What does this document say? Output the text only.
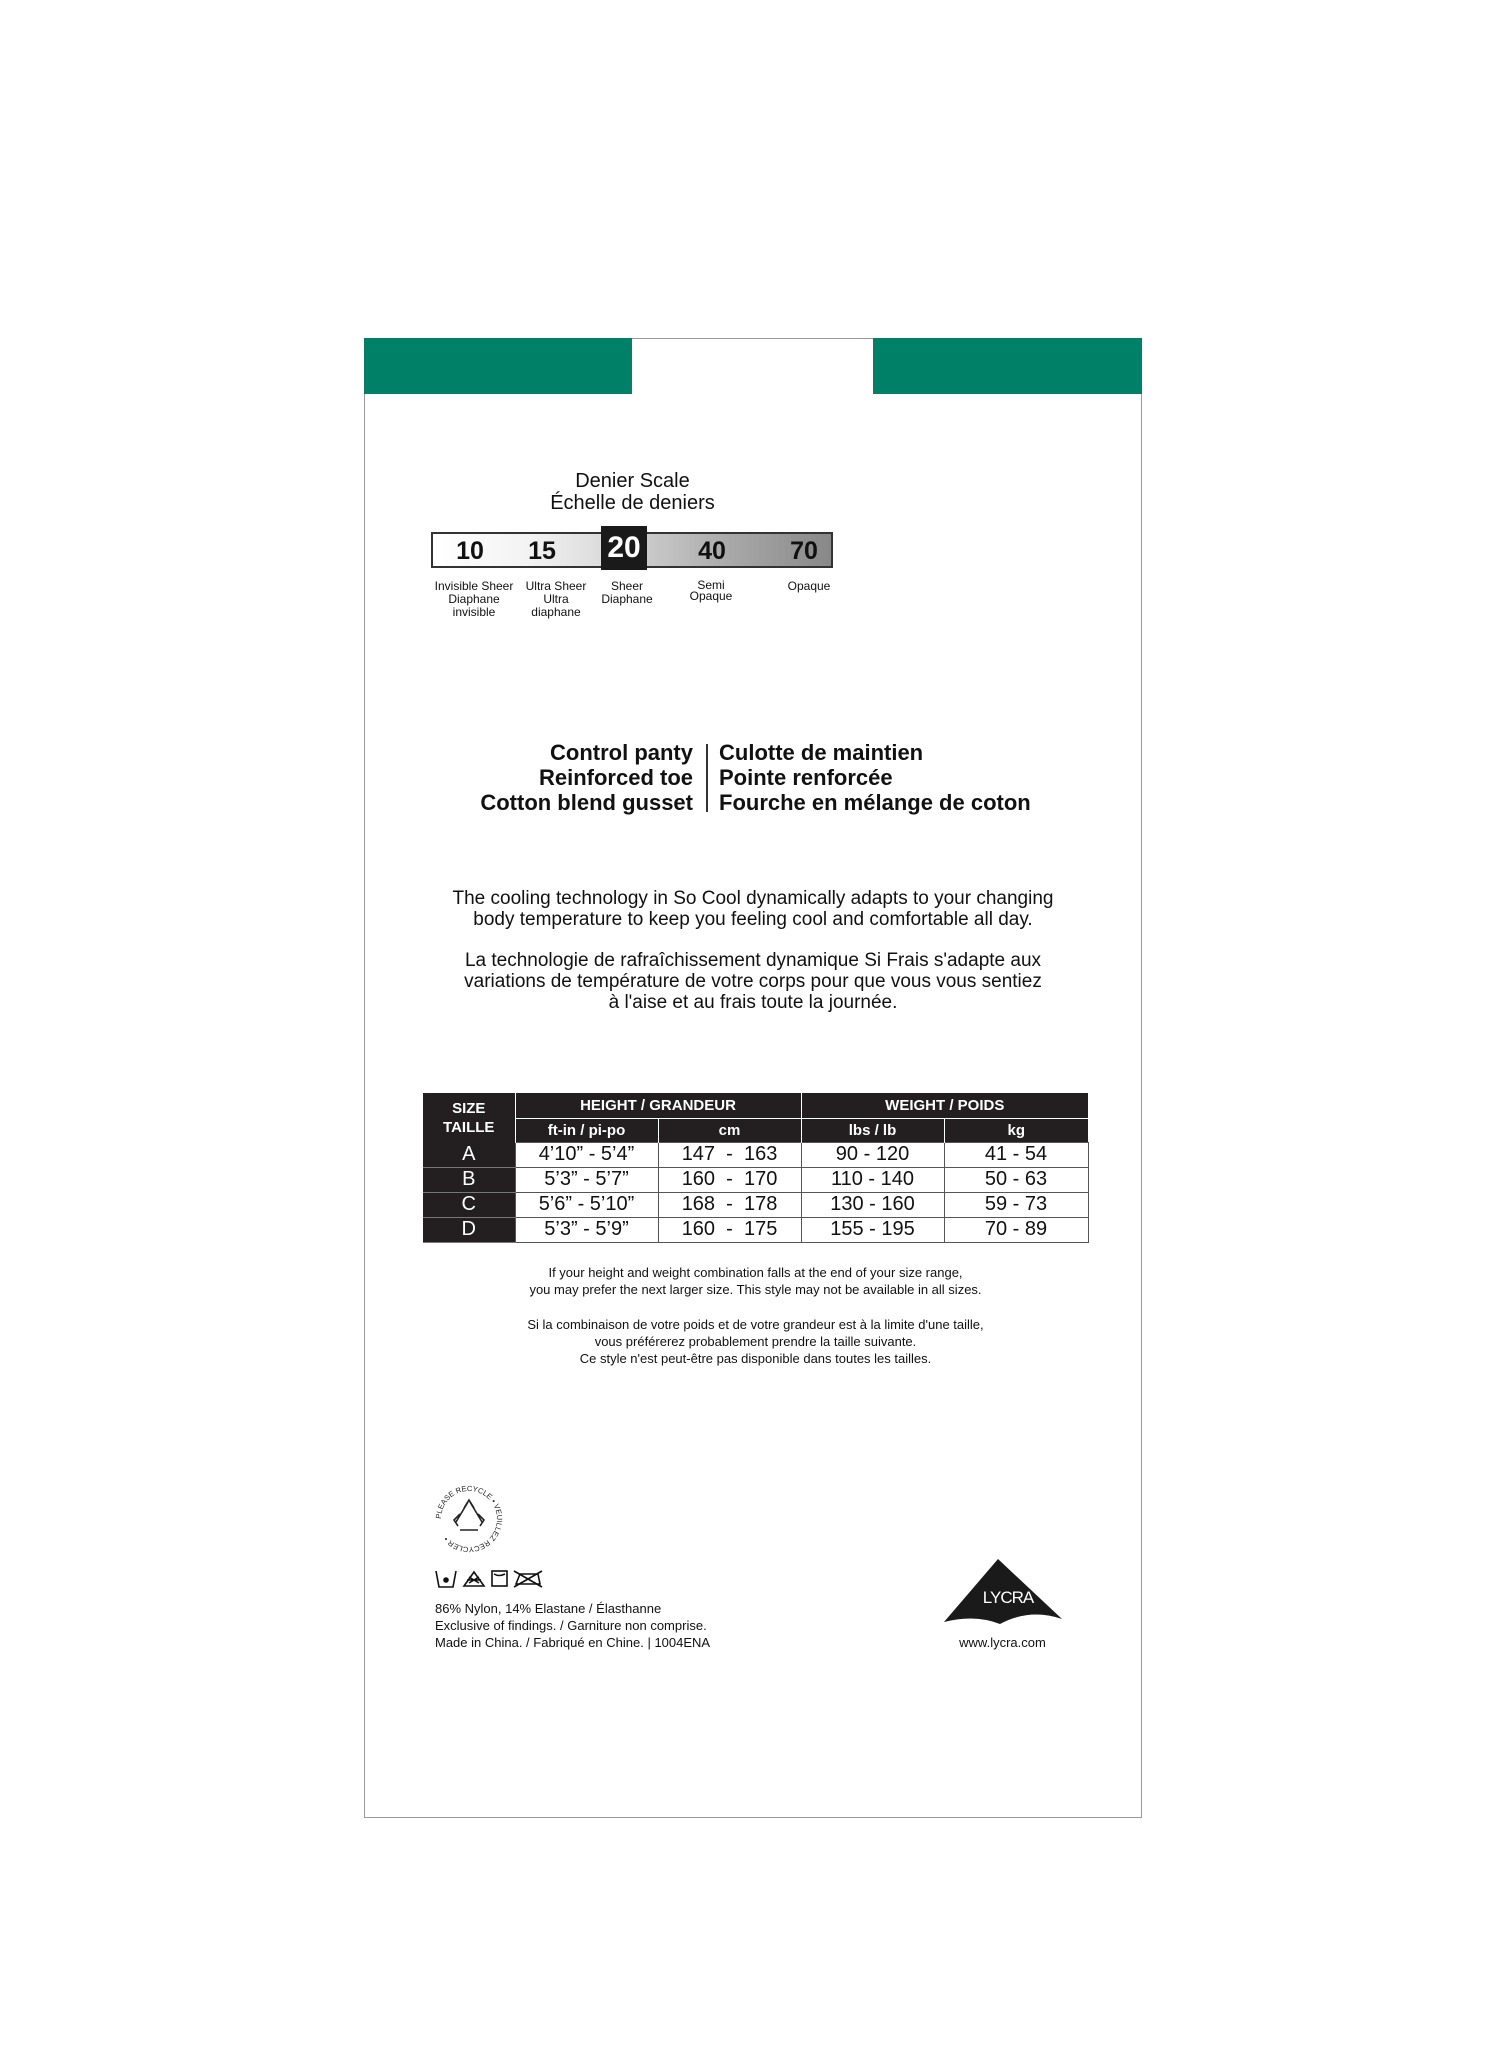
Denier Scale
Échelle de deniers
10	15	20	40	70
Invisible Sheer
Diaphane
invisible
Ultra Sheer
Ultra
diaphane
Sheer
Diaphane
Semi
Opaque
Opaque
Control panty
Reinforced toe
Cotton blend gusset
Culotte de maintien
Pointe renforcée
Fourche en mélange de coton
The cooling technology in So Cool dynamically adapts to your changing
body temperature to keep you feeling cool and comfortable all day.
La technologie de rafraîchissement dynamique Si Frais s'adapte aux
variations de température de votre corps pour que vous vous sentiez
à l'aise et au frais toute la journée.
SIZE
TAILLE	HEIGHT / GRANDEUR		WEIGHT / POIDS	
	ft-in / pi-po	cm	lbs / lb	kg
A	4’10” - 5’4”	147  -  163	90 - 120	41 - 54
B	5’3” - 5’7”	160  -  170	110 - 140	50 - 63
C	5’6” - 5’10”	168  -  178	130 - 160	59 - 73
D	5’3” - 5’9”	160  -  175	155 - 195	70 - 89
If your height and weight combination falls at the end of your size range,
you may prefer the next larger size. This style may not be available in all sizes.
Si la combinaison de votre poids et de votre grandeur est à la limite d'une taille,
vous préférerez probablement prendre la taille suivante.
Ce style n'est peut-être pas disponible dans toutes les tailles.
PLEASE RECYCLE • VEUILLEZ RECYCLER •
86% Nylon, 14% Elastane / Élasthanne
Exclusive of findings. / Garniture non comprise.
Made in China. / Fabriqué en Chine. | 1004ENA
LYCRA
www.lycra.com
